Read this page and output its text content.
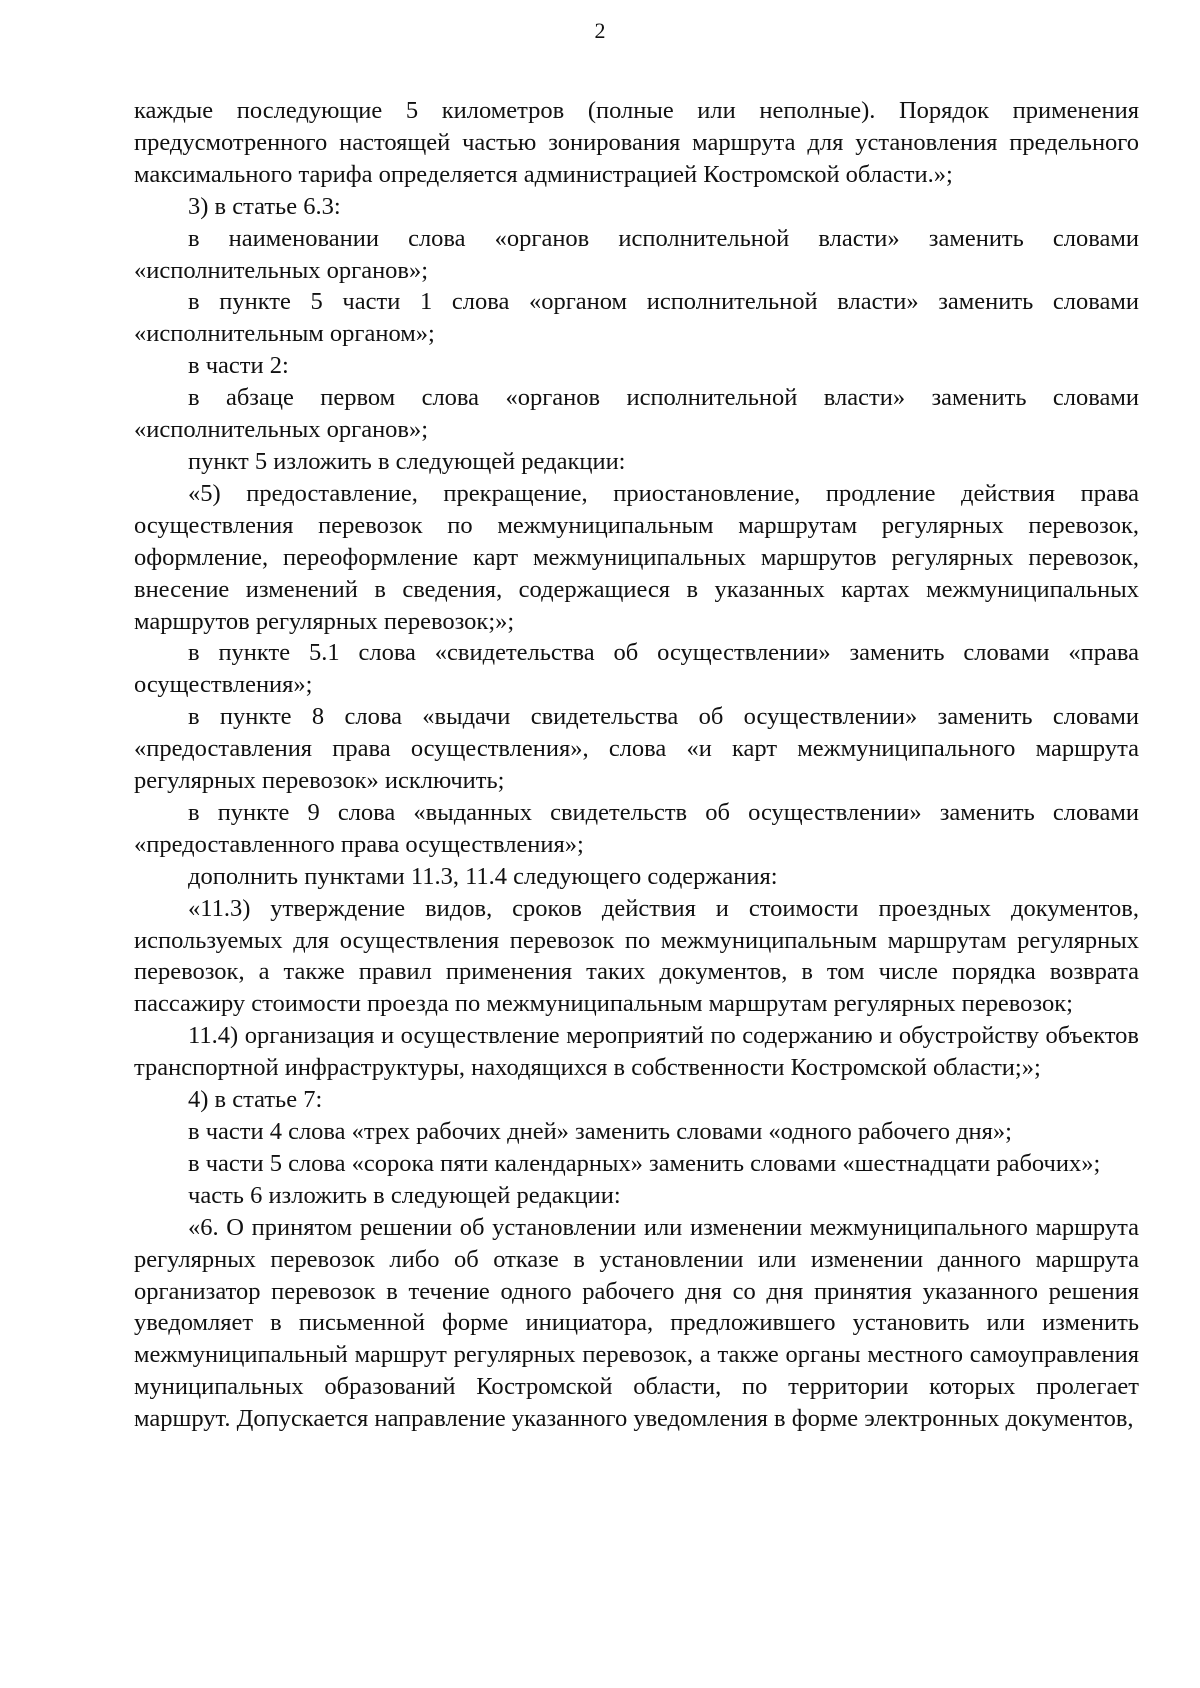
2

каждые последующие 5 километров (полные или неполные). Порядок применения предусмотренного настоящей частью зонирования маршрута для установления предельного максимального тарифа определяется администрацией Костромской области.»;

3) в статье 6.3:

в наименовании слова «органов исполнительной власти» заменить словами «исполнительных органов»;

в пункте 5 части 1 слова «органом исполнительной власти» заменить словами «исполнительным органом»;

в части 2:

в абзаце первом слова «органов исполнительной власти» заменить словами «исполнительных органов»;

пункт 5 изложить в следующей редакции:

«5) предоставление, прекращение, приостановление, продление действия права осуществления перевозок по межмуниципальным маршрутам регулярных перевозок, оформление, переоформление карт межмуниципальных маршрутов регулярных перевозок, внесение изменений в сведения, содержащиеся в указанных картах межмуниципальных маршрутов регулярных перевозок;»;

в пункте 5.1 слова «свидетельства об осуществлении» заменить словами «права осуществления»;

в пункте 8 слова «выдачи свидетельства об осуществлении» заменить словами «предоставления права осуществления», слова «и карт межмуниципального маршрута регулярных перевозок» исключить;

в пункте 9 слова «выданных свидетельств об осуществлении» заменить словами «предоставленного права осуществления»;

дополнить пунктами 11.3, 11.4 следующего содержания:

«11.3) утверждение видов, сроков действия и стоимости проездных документов, используемых для осуществления перевозок по межмуниципальным маршрутам регулярных перевозок, а также правил применения таких документов, в том числе порядка возврата пассажиру стоимости проезда по межмуниципальным маршрутам регулярных перевозок;

11.4) организация и осуществление мероприятий по содержанию и обустройству объектов транспортной инфраструктуры, находящихся в собственности Костромской области;»;

4) в статье 7:

в части 4 слова «трех рабочих дней» заменить словами «одного рабочего дня»;

в части 5 слова «сорока пяти календарных» заменить словами «шестнадцати рабочих»;

часть 6 изложить в следующей редакции:

«6. О принятом решении об установлении или изменении межмуниципального маршрута регулярных перевозок либо об отказе в установлении или изменении данного маршрута организатор перевозок в течение одного рабочего дня со дня принятия указанного решения уведомляет в письменной форме инициатора, предложившего установить или изменить межмуниципальный маршрут регулярных перевозок, а также органы местного самоуправления муниципальных образований Костромской области, по территории которых пролегает маршрут. Допускается направление указанного уведомления в форме электронных документов,
